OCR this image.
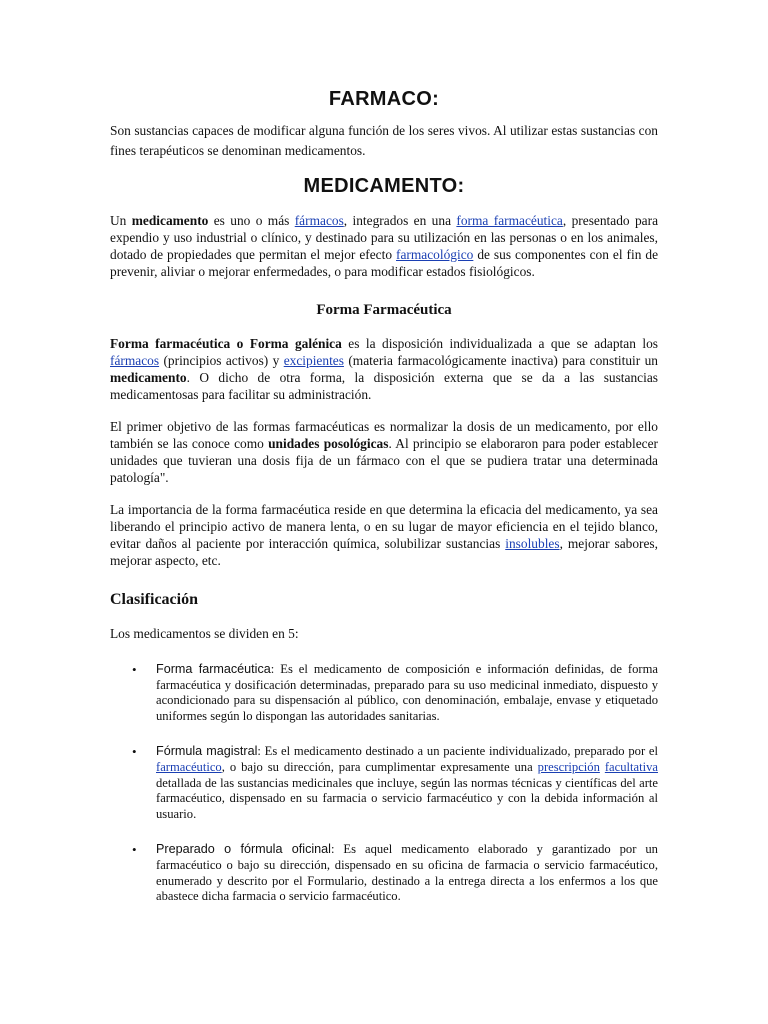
FARMACO:

Son sustancias capaces de modificar alguna función de los seres vivos. Al utilizar estas sustancias con fines terapéuticos se denominan medicamentos.

MEDICAMENTO:

Un medicamento es uno o más fármacos, integrados en una forma farmacéutica, presentado para expendio y uso industrial o clínico, y destinado para su utilización en las personas o en los animales, dotado de propiedades que permitan el mejor efecto farmacológico de sus componentes con el fin de prevenir, aliviar o mejorar enfermedades, o para modificar estados fisiológicos.

Forma Farmacéutica

Forma farmacéutica o Forma galénica es la disposición individualizada a que se adaptan los fármacos (principios activos) y excipientes (materia farmacológicamente inactiva) para constituir un medicamento. O dicho de otra forma, la disposición externa que se da a las sustancias medicamentosas para facilitar su administración.

El primer objetivo de las formas farmacéuticas es normalizar la dosis de un medicamento, por ello también se las conoce como unidades posológicas. Al principio se elaboraron para poder establecer unidades que tuvieran una dosis fija de un fármaco con el que se pudiera tratar una determinada patología".

La importancia de la forma farmacéutica reside en que determina la eficacia del medicamento, ya sea liberando el principio activo de manera lenta, o en su lugar de mayor eficiencia en el tejido blanco, evitar daños al paciente por interacción química, solubilizar sustancias insolubles, mejorar sabores, mejorar aspecto, etc.

Clasificación

Los medicamentos se dividen en 5:

• Forma farmacéutica: Es el medicamento de composición e información definidas, de forma farmacéutica y dosificación determinadas, preparado para su uso medicinal inmediato, dispuesto y acondicionado para su dispensación al público, con denominación, embalaje, envase y etiquetado uniformes según lo dispongan las autoridades sanitarias.
• Fórmula magistral: Es el medicamento destinado a un paciente individualizado, preparado por el farmacéutico, o bajo su dirección, para cumplimentar expresamente una prescripción facultativa detallada de las sustancias medicinales que incluye, según las normas técnicas y científicas del arte farmacéutico, dispensado en su farmacia o servicio farmacéutico y con la debida información al usuario.
• Preparado o fórmula oficinal: Es aquel medicamento elaborado y garantizado por un farmacéutico o bajo su dirección, dispensado en su oficina de farmacia o servicio farmacéutico, enumerado y descrito por el Formulario, destinado a la entrega directa a los enfermos a los que abastece dicha farmacia o servicio farmacéutico.
